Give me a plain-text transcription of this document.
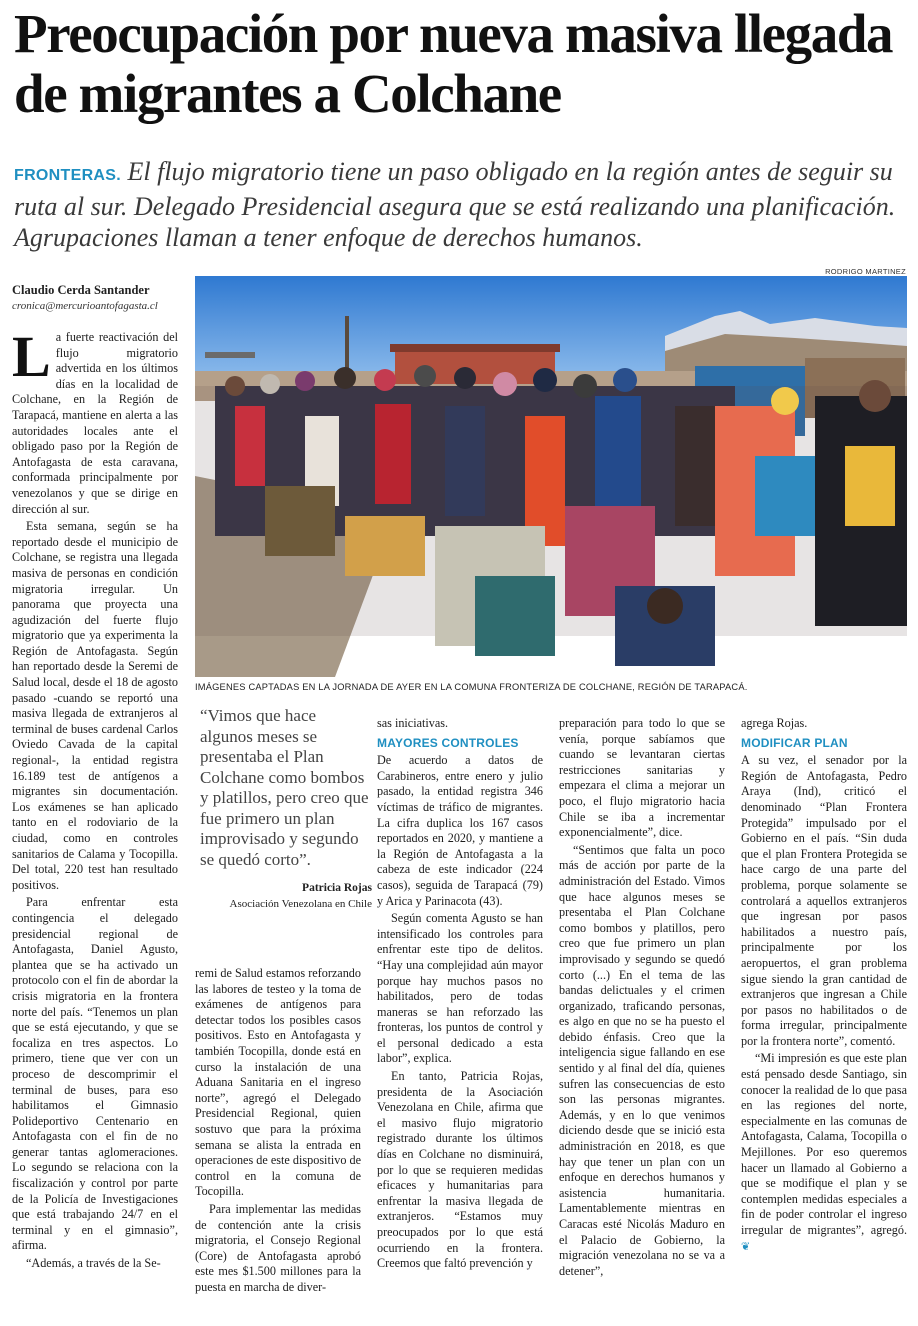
Preocupación por nueva masiva llegada de migrantes a Colchane
FRONTERAS. El flujo migratorio tiene un paso obligado en la región antes de seguir su ruta al sur. Delegado Presidencial asegura que se está realizando una planificación. Agrupaciones llaman a tener enfoque de derechos humanos.
Claudio Cerda Santander
cronica@mercurioantofagasta.cl
RODRIGO MARTINEZ
IMÁGENES CAPTADAS EN LA JORNADA DE AYER EN LA COMUNA FRONTERIZA DE COLCHANE, REGIÓN DE TARAPACÁ.

La fuerte reactivación del flujo migratorio advertida en los últimos días en la localidad de Colchane, en la Región de Tarapacá, mantiene en alerta a las autoridades locales ante el obligado paso por la Región de Antofagasta de esta caravana, conformada principalmente por venezolanos y que se dirige en dirección al sur.

Esta semana, según se ha reportado desde el municipio de Colchane, se registra una llegada masiva de personas en condición migratoria irregular. Un panorama que proyecta una agudización del fuerte flujo migratorio que ya experimenta la Región de Antofagasta. Según han reportado desde la Seremi de Salud local, desde el 18 de agosto pasado -cuando se reportó una masiva llegada de extranjeros al terminal de buses cardenal Carlos Oviedo Cavada de la capital regional-, la entidad registra 16.189 test de antígenos a migrantes sin documentación. Los exámenes se han aplicado tanto en el rodoviario de la ciudad, como en controles sanitarios de Calama y Tocopilla. Del total, 220 test han resultado positivos.

Para enfrentar esta contingencia el delegado presidencial regional de Antofagasta, Daniel Agusto, plantea que se ha activado un protocolo con el fin de abordar la crisis migratoria en la frontera norte del país. “Tenemos un plan que se está ejecutando, y que se focaliza en tres aspectos. Lo primero, tiene que ver con un proceso de descomprimir el terminal de buses, para eso habilitamos el Gimnasio Polideportivo Centenario en Antofagasta con el fin de no generar tantas aglomeraciones. Lo segundo se relaciona con la fiscalización y control por parte de la Policía de Investigaciones que está trabajando 24/7 en el terminal y en el gimnasio”, afirma.

“Además, a través de la Se-

“Vimos que hace algunos meses se presentaba el Plan Colchane como bombos y platillos, pero creo que fue primero un plan improvisado y segundo se quedó corto”.
Patricia Rojas
Asociación Venezolana en Chile

remi de Salud estamos reforzando las labores de testeo y la toma de exámenes de antígenos para detectar todos los posibles casos positivos. Esto en Antofagasta y también Tocopilla, donde está en curso la instalación de una Aduana Sanitaria en el ingreso norte”, agregó el Delegado Presidencial Regional, quien sostuvo que para la próxima semana se alista la entrada en operaciones de este dispositivo de control en la comuna de Tocopilla.

Para implementar las medidas de contención ante la crisis migratoria, el Consejo Regional (Core) de Antofagasta aprobó este mes $1.500 millones para la puesta en marcha de diver-

sas iniciativas.

MAYORES CONTROLES

De acuerdo a datos de Carabineros, entre enero y julio pasado, la entidad registra 346 víctimas de tráfico de migrantes. La cifra duplica los 167 casos reportados en 2020, y mantiene a la Región de Antofagasta a la cabeza de este indicador (224 casos), seguida de Tarapacá (79) y Arica y Parinacota (43).

Según comenta Agusto se han intensificado los controles para enfrentar este tipo de delitos. “Hay una complejidad aún mayor porque hay muchos pasos no habilitados, pero de todas maneras se han reforzado las fronteras, los puntos de control y el personal dedicado a esta labor”, explica.

En tanto, Patricia Rojas, presidenta de la Asociación Venezolana en Chile, afirma que el masivo flujo migratorio registrado durante los últimos días en Colchane no disminuirá, por lo que se requieren medidas eficaces y humanitarias para enfrentar la masiva llegada de extranjeros. “Estamos muy preocupados por lo que está ocurriendo en la frontera. Creemos que faltó prevención y

preparación para todo lo que se venía, porque sabíamos que cuando se levantaran ciertas restricciones sanitarias y empezara el clima a mejorar un poco, el flujo migratorio hacia Chile se iba a incrementar exponencialmente”, dice.

“Sentimos que falta un poco más de acción por parte de la administración del Estado. Vimos que hace algunos meses se presentaba el Plan Colchane como bombos y platillos, pero creo que fue primero un plan improvisado y segundo se quedó corto (...) En el tema de las bandas delictuales y el crimen organizado, traficando personas, es algo en que no se ha puesto el debido énfasis. Creo que la inteligencia sigue fallando en ese sentido y al final del día, quienes sufren las consecuencias de esto son las personas migrantes. Además, y en lo que venimos diciendo desde que se inició esta administración en 2018, es que hay que tener un plan con un enfoque en derechos humanos y asistencia humanitaria. Lamentablemente mientras en Caracas esté Nicolás Maduro en el Palacio de Gobierno, la migración venezolana no se va a detener”,

agrega Rojas.

MODIFICAR PLAN

A su vez, el senador por la Región de Antofagasta, Pedro Araya (Ind), criticó el denominado “Plan Frontera Protegida” impulsado por el Gobierno en el país. “Sin duda que el plan Frontera Protegida se hace cargo de una parte del problema, porque solamente se controlará a aquellos extranjeros que ingresan por pasos habilitados a nuestro país, principalmente por los aeropuertos, el gran problema sigue siendo la gran cantidad de extranjeros que ingresan a Chile por pasos no habilitados o de forma irregular, principalmente por la frontera norte”, comentó.

“Mi impresión es que este plan está pensado desde Santiago, sin conocer la realidad de lo que pasa en las regiones del norte, especialmente en las comunas de Antofagasta, Calama, Tocopilla o Mejillones. Por eso queremos hacer un llamado al Gobierno a que se modifique el plan y se contemplen medidas especiales a fin de poder controlar el ingreso irregular de migrantes”, agregó. ❦
